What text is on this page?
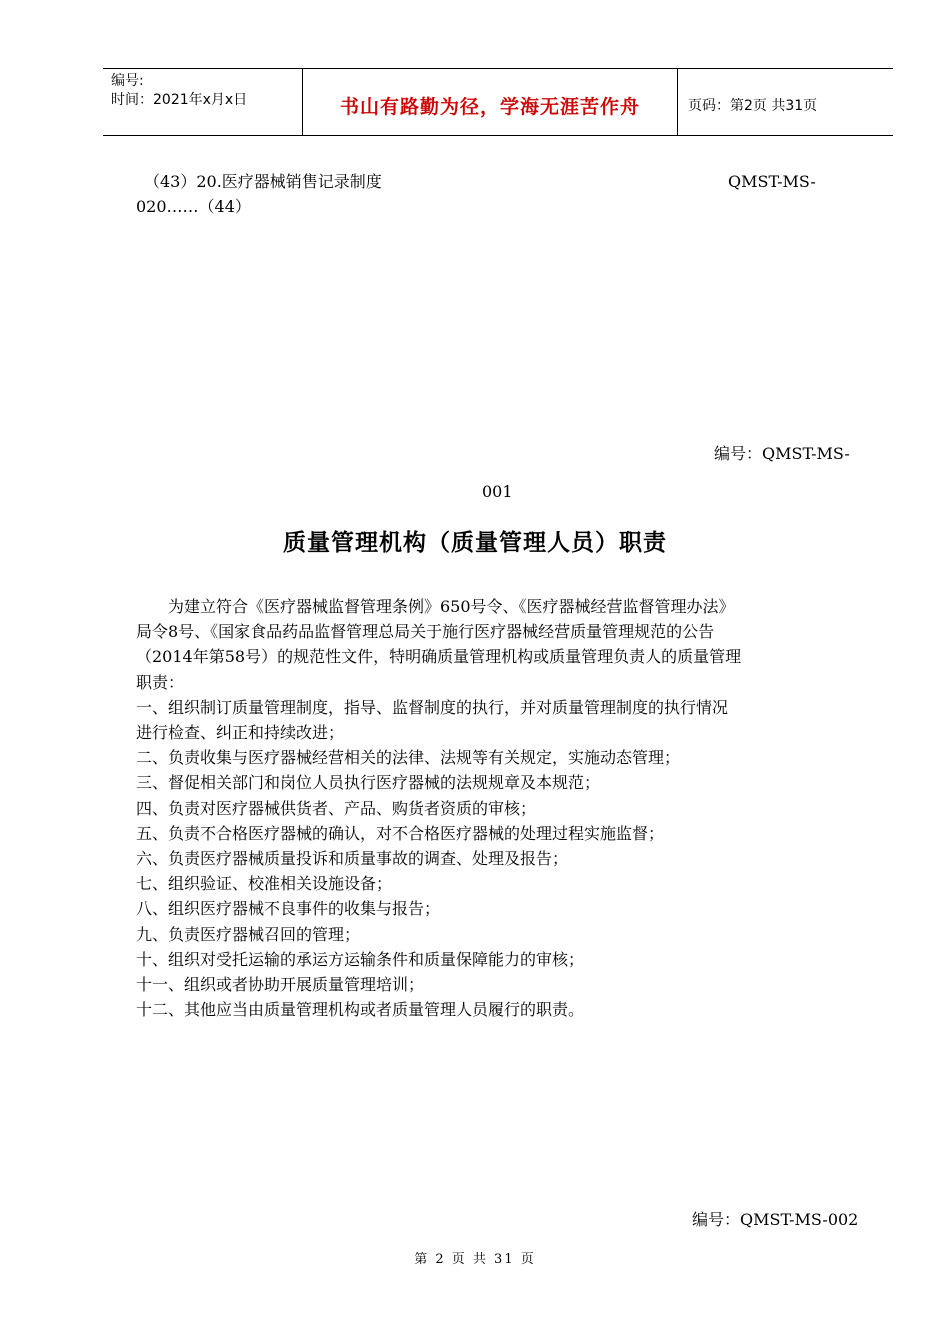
编号:
时间：2021年x月x日	书山有路勤为径，学海无涯苦作舟	页码：第2页 共31页
（43）20.医疗器械销售记录制度	QMST-MS-
020……（44）
编号：QMST-MS-
001
质量管理机构（质量管理人员）职责
　　为建立符合《医疗器械监督管理条例》650号令、《医疗器械经营监督管理办法》
局令8号、《国家食品药品监督管理总局关于施行医疗器械经营质量管理规范的公告
（2014年第58号）的规范性文件，特明确质量管理机构或质量管理负责人的质量管理
职责：
一、组织制订质量管理制度，指导、监督制度的执行，并对质量管理制度的执行情况
进行检查、纠正和持续改进；
二、负责收集与医疗器械经营相关的法律、法规等有关规定，实施动态管理；
三、督促相关部门和岗位人员执行医疗器械的法规规章及本规范；
四、负责对医疗器械供货者、产品、购货者资质的审核；
五、负责不合格医疗器械的确认，对不合格医疗器械的处理过程实施监督；
六、负责医疗器械质量投诉和质量事故的调查、处理及报告；
七、组织验证、校准相关设施设备；
八、组织医疗器械不良事件的收集与报告；
九、负责医疗器械召回的管理；
十、组织对受托运输的承运方运输条件和质量保障能力的审核；
十一、组织或者协助开展质量管理培训；
十二、其他应当由质量管理机构或者质量管理人员履行的职责。
编号：QMST-MS-002
第 2 页 共 31 页
